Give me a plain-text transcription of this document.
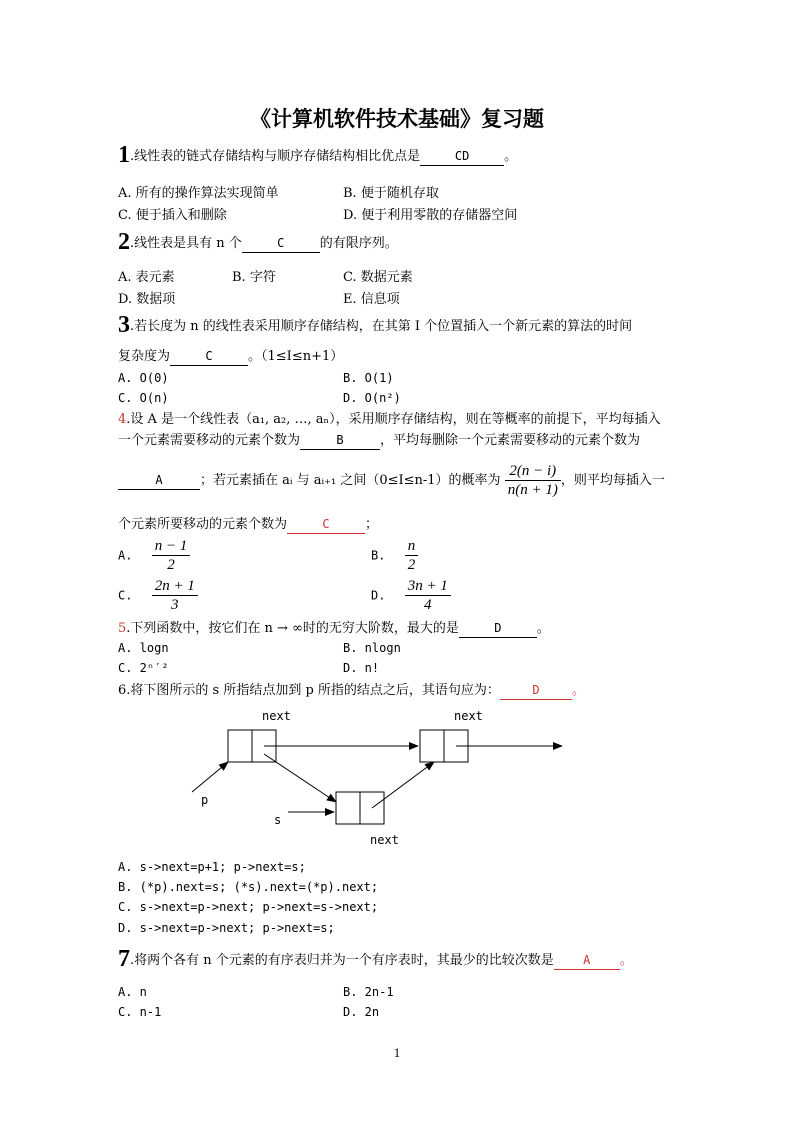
《计算机软件技术基础》复习题
1.线性表的链式存储结构与顺序存储结构相比优点是	CD	。
A. 所有的操作算法实现简单	B. 便于随机存取
C. 便于插入和删除	D. 便于利用零散的存储器空间
2.线性表是具有 n 个	C	的有限序列。
A. 表元素	B. 字符	C. 数据元素
D. 数据项	E. 信息项
3.若长度为 n 的线性表采用顺序存储结构，在其第 I 个位置插入一个新元素的算法的时间
复杂度为	C	。（1≤I≤n+1）
A. O(0)	B. O(1)
C. O(n)	D. O(n²)
4.设 A 是一个线性表（a₁, a₂, …, aₙ），采用顺序存储结构，则在等概率的前提下，平均每插入
一个元素需要移动的元素个数为	B	，平均每删除一个元素需要移动的元素个数为
A	；若元素插在 aᵢ 与 aᵢ₊₁ 之间（0≤I≤n-1）的概率为 $\frac{2(n - i)}{n(n + 1)}$ ，则平均每插入一
个元素所要移动的元素个数为	C	；
A. $\frac{n - 1}{2}$	B. $\frac{n}{2}$
C. $\frac{2n + 1}{3}$	D. $\frac{3n + 1}{4}$
5.下列函数中，按它们在 n → ∞时的无穷大阶数，最大的是	D	。
A. logn	B. nlogn
C. 2ⁿ′²	D. n!
6.将下图所示的 s 所指结点加到 p 所指的结点之后，其语句应为：	D 。
next	next
next
p
s
A. s->next=p+1; p->next=s;
B. (*p).next=s; (*s).next=(*p).next;
C. s->next=p->next; p->next=s->next;
D. s->next=p->next; p->next=s;
7.将两个各有 n 个元素的有序表归并为一个有序表时，其最少的比较次数是 A 。
A. n	B. 2n-1
C. n-1	D. 2n
1
